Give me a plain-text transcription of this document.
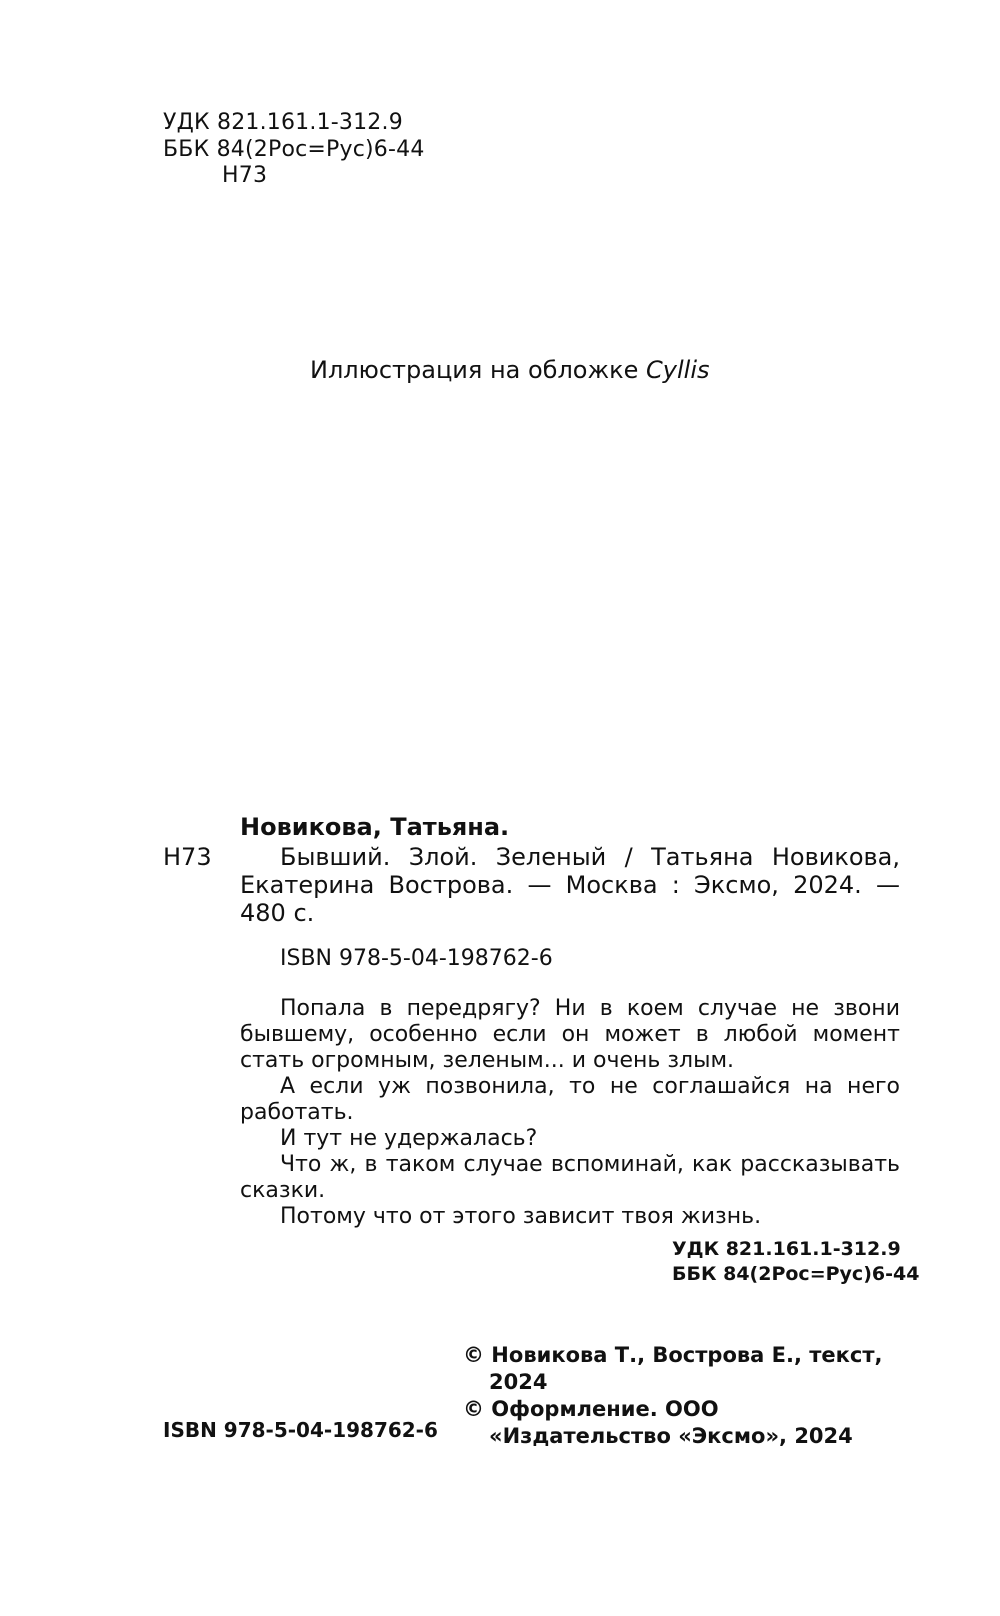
УДК 821.161.1-312.9
ББК 84(2Рос=Рус)6-44
Н73
Иллюстрация на обложке Cyllis
Новикова, Татьяна.
Н73	Бывший. Злой. Зеленый / Татьяна Новикова, Екатерина Вострова. — Москва : Эксмо, 2024. — 480 с.
ISBN 978-5-04-198762-6

Попала в передрягу? Ни в коем случае не звони бывшему, особенно если он может в любой момент стать огромным, зеленым... и очень злым.

А если уж позвонила, то не соглашайся на него работать.

И тут не удержалась?

Что ж, в таком случае вспоминай, как рассказывать сказки.

Потому что от этого зависит твоя жизнь.

УДК 821.161.1-312.9
ББК 84(2Рос=Рус)6-44

© Новикова Т., Вострова Е., текст, 2024

© Оформление. ООО «Издательство «Эксмо», 2024

ISBN 978-5-04-198762-6
